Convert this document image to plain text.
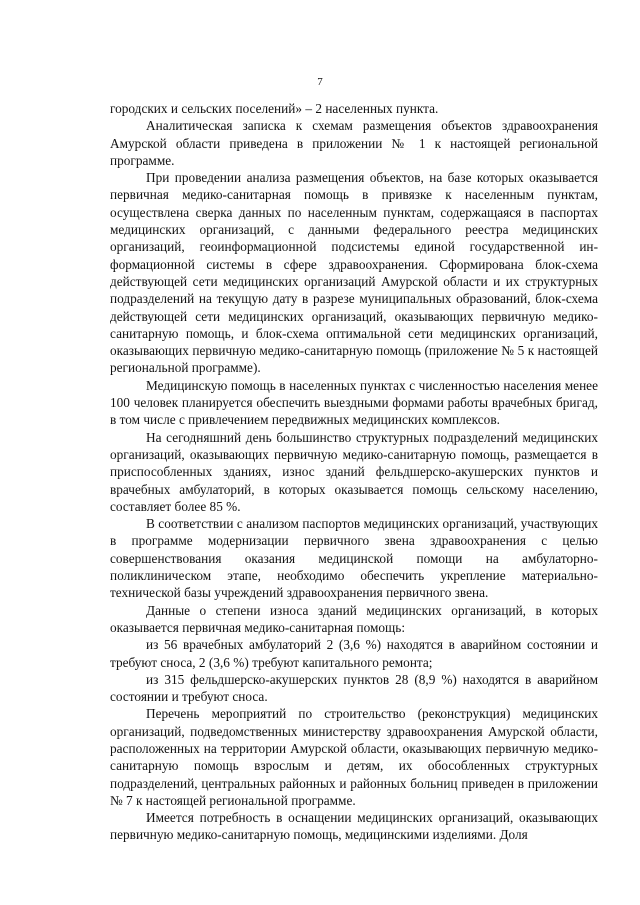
7

городских и сельских поселений» – 2 населенных пункта.

Аналитическая записка к схемам размещения объектов здравоохранения Амурской области приведена в приложении № 1 к настоящей региональной программе.

При проведении анализа размещения объектов, на базе которых оказывается первичная медико-санитарная помощь в привязке к населенным пунктам, осуществлена сверка данных по населенным пунктам, содержащаяся в паспортах медицинских организаций, с данными федерального реестра медицинских организаций, геоинформационной подсистемы единой государственной информационной системы в сфере здравоохранения. Сформирована блок-схема действующей сети медицинских организаций Амурской области и их структурных подразделений на текущую дату в разрезе муниципальных образований, блок-схема действующей сети медицинских организаций, оказывающих первичную медико-санитарную помощь, и блок-схема оптимальной сети медицинских организаций, оказывающих первичную медико-санитарную помощь (приложение № 5 к настоящей региональной программе).

Медицинскую помощь в населенных пунктах с численностью населения менее 100 человек планируется обеспечить выездными формами работы врачебных бригад, в том числе с привлечением передвижных медицинских комплексов.

На сегодняшний день большинство структурных подразделений медицинских организаций, оказывающих первичную медико-санитарную помощь, размещается в приспособленных зданиях, износ зданий фельдшерско-акушерских пунктов и врачебных амбулаторий, в которых оказывается помощь сельскому населению, составляет более 85 %.

В соответствии с анализом паспортов медицинских организаций, участвующих в программе модернизации первичного звена здравоохранения с целью совершенствования оказания медицинской помощи на амбулаторно-поликлиническом этапе, необходимо обеспечить укрепление материально-технической базы учреждений здравоохранения первичного звена.

Данные о степени износа зданий медицинских организаций, в которых оказывается первичная медико-санитарная помощь:

из 56 врачебных амбулаторий 2 (3,6 %) находятся в аварийном состоянии и требуют сноса, 2 (3,6 %) требуют капитального ремонта;

из 315 фельдшерско-акушерских пунктов 28 (8,9 %) находятся в аварийном состоянии и требуют сноса.

Перечень мероприятий по строительство (реконструкция) медицинских организаций, подведомственных министерству здравоохранения Амурской области, расположенных на территории Амурской области, оказывающих первичную медико-санитарную помощь взрослым и детям, их обособленных структурных подразделений, центральных районных и районных больниц приведен в приложении № 7 к настоящей региональной программе.

Имеется потребность в оснащении медицинских организаций, оказывающих первичную медико-санитарную помощь, медицинскими изделиями. Доля
